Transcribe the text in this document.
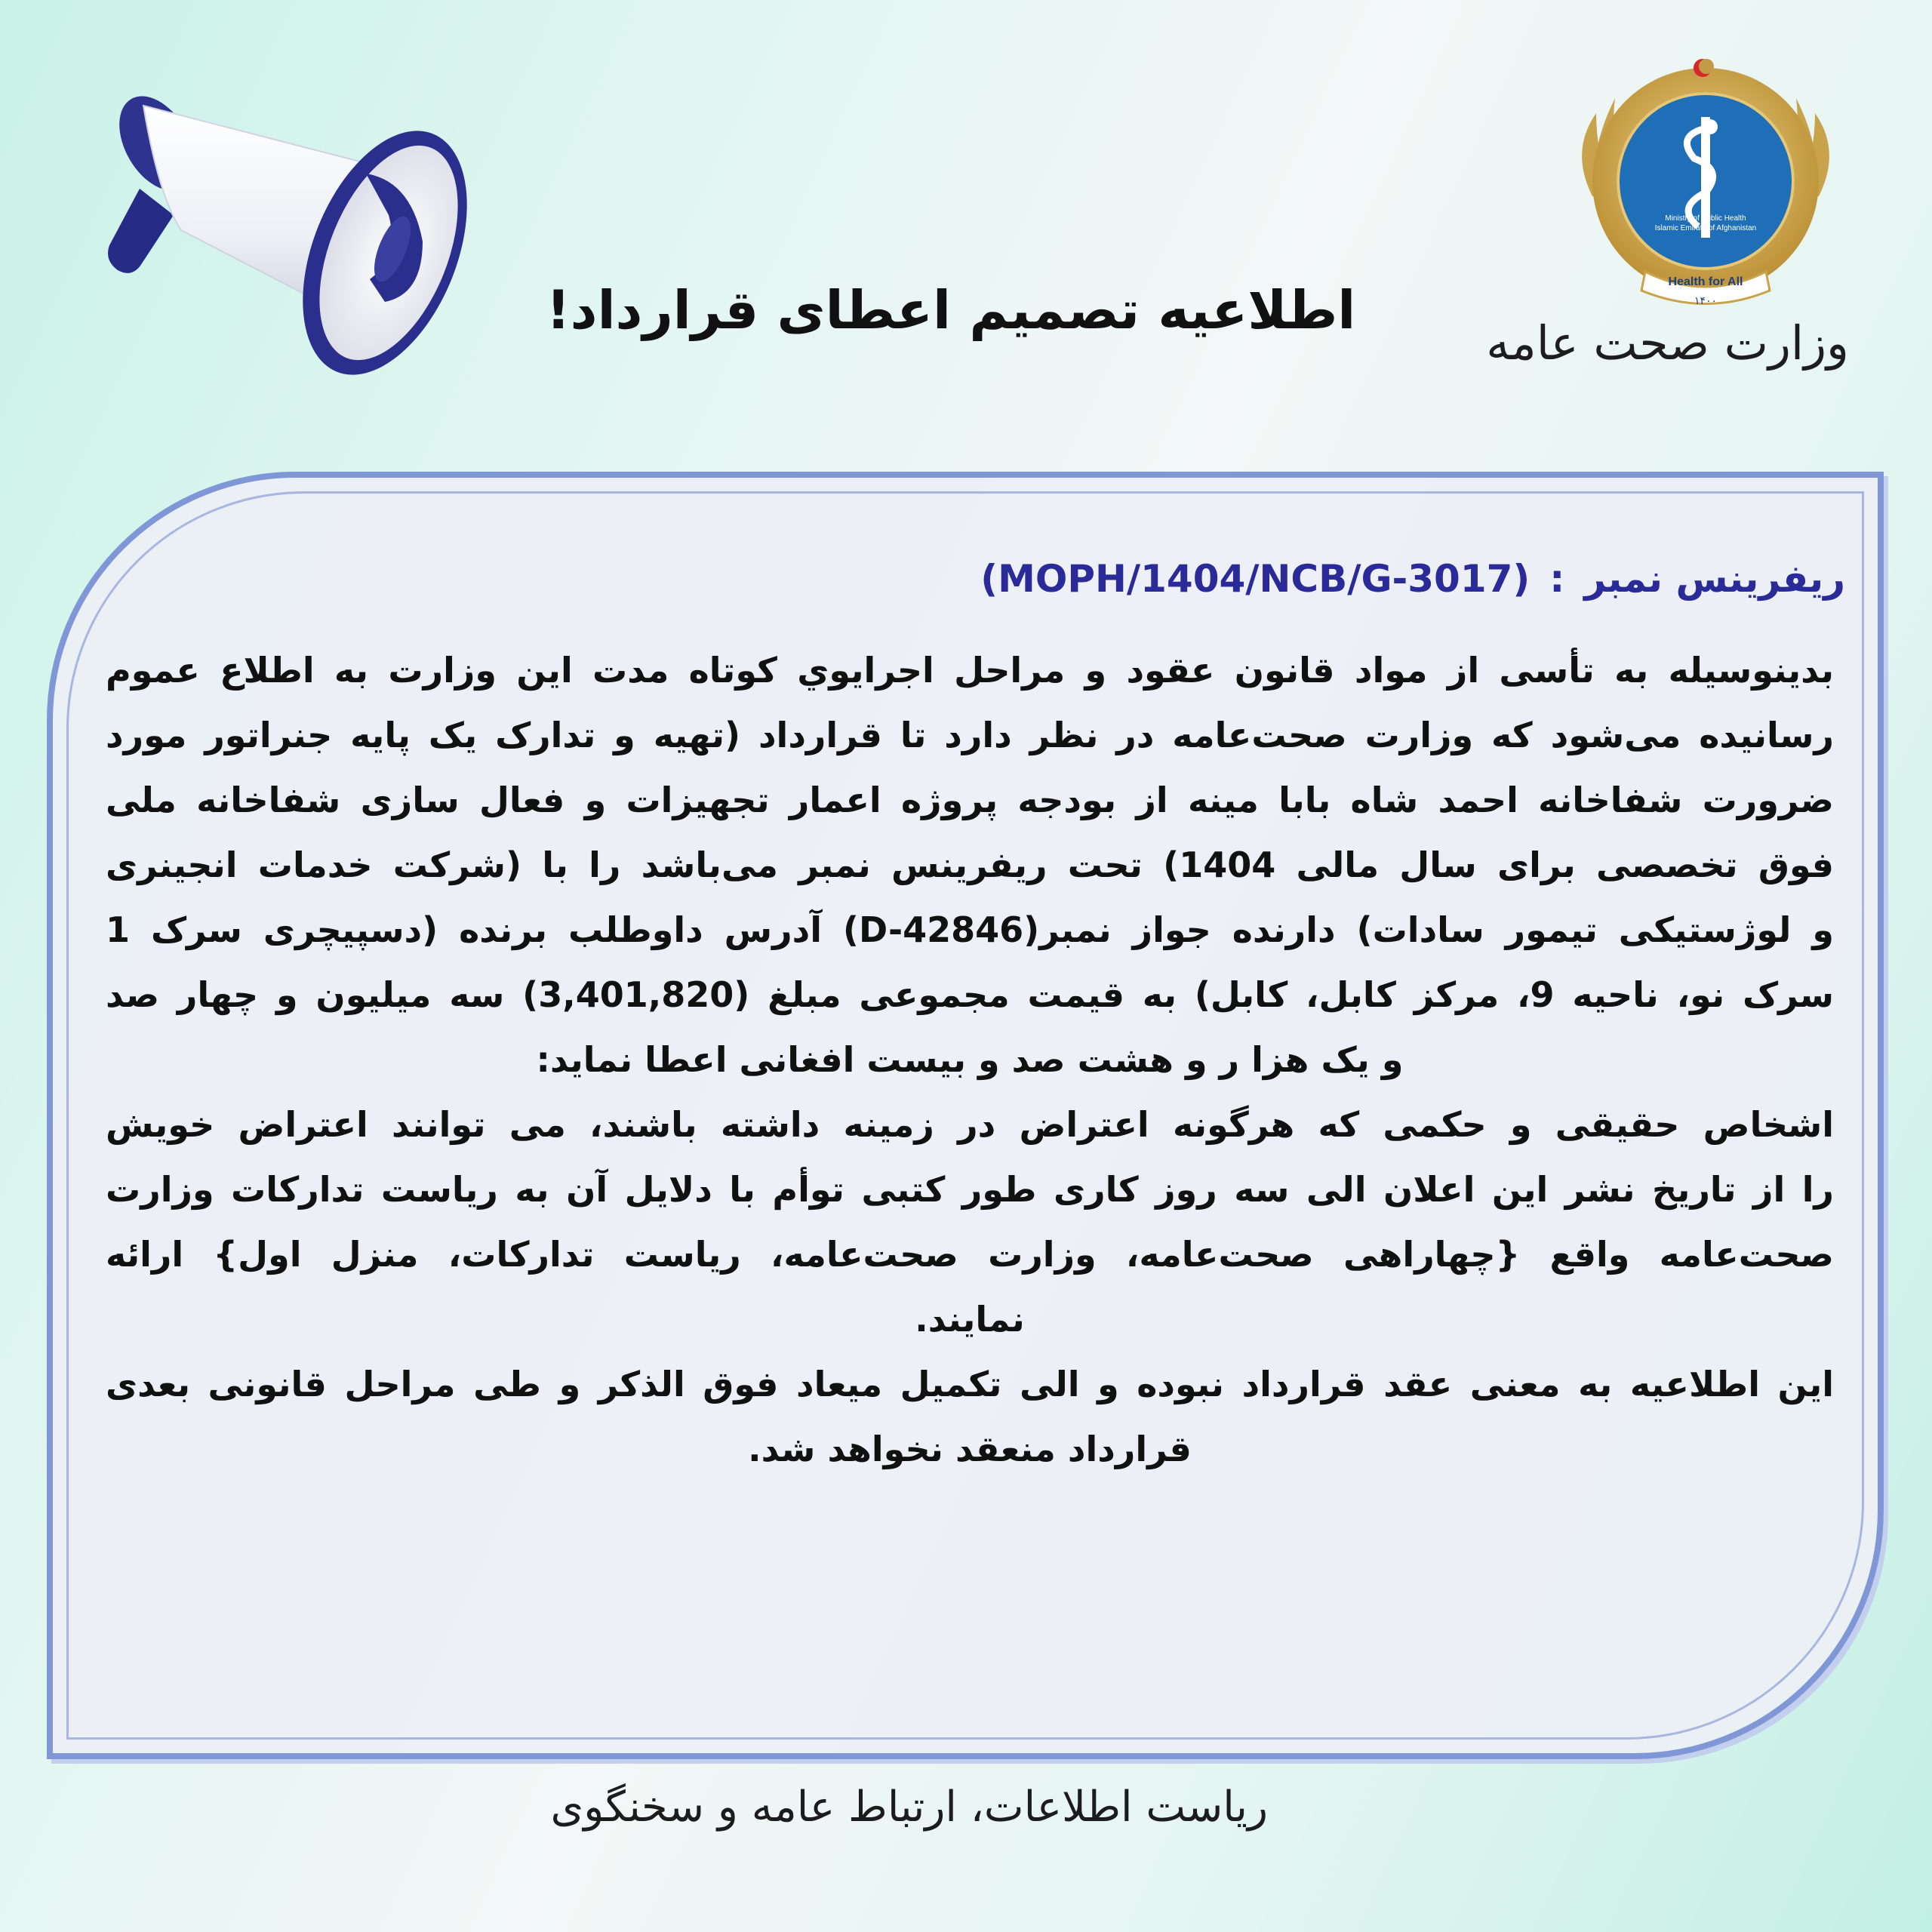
Health for All
۱۴۰۰
Ministry of Public Health
Islamic Emirate of Afghanistan
وزارت صحت عامه
اطلاعیه تصمیم اعطای قرارداد!
ریفرینس نمبر:(MOPH/1404/NCB/G-3017)
بدینوسیله به تأسی از مواد قانون عقود و مراحل اجرایوي کوتاه مدت این وزارت به اطلاع عموم
رسانیده می‌شود که وزارت صحت‌عامه در نظر دارد تا قرارداد (تهیه و تدارک یک پایه جنراتور مورد
ضرورت شفاخانه احمد شاه بابا مینه از بودجه پروژه اعمار تجهیزات و فعال سازی شفاخانه ملی
فوق تخصصی برای سال مالی 1404) تحت ریفرینس نمبر می‌باشد را با (شرکت خدمات انجینری
و لوژستیکی تیمور سادات) دارنده جواز نمبر(D-42846) آدرس داوطلب برنده (دسپیچری سرک 1
سرک نو، ناحیه 9، مرکز کابل، کابل) به قیمت مجموعی مبلغ (3,401,820) سه میلیون و چهار صد
و یک هزا ر و هشت صد و بیست افغانی اعطا نماید:
اشخاص حقیقی و حکمی که هرگونه اعتراض در زمینه داشته باشند، می توانند اعتراض خویش
را از تاریخ نشر این اعلان الی سه روز کاری طور کتبی توأم با دلایل آن به ریاست تدارکات وزارت
صحت‌عامه واقع {چهاراهی صحت‌عامه، وزارت صحت‌عامه، ریاست تدارکات، منزل اول} ارائه
نمایند.
این اطلاعیه به معنی عقد قرارداد نبوده و الی تکمیل میعاد فوق الذکر و طی مراحل قانونی بعدی
قرارداد منعقد نخواهد شد.
ریاست اطلاعات، ارتباط عامه و سخنگوی
